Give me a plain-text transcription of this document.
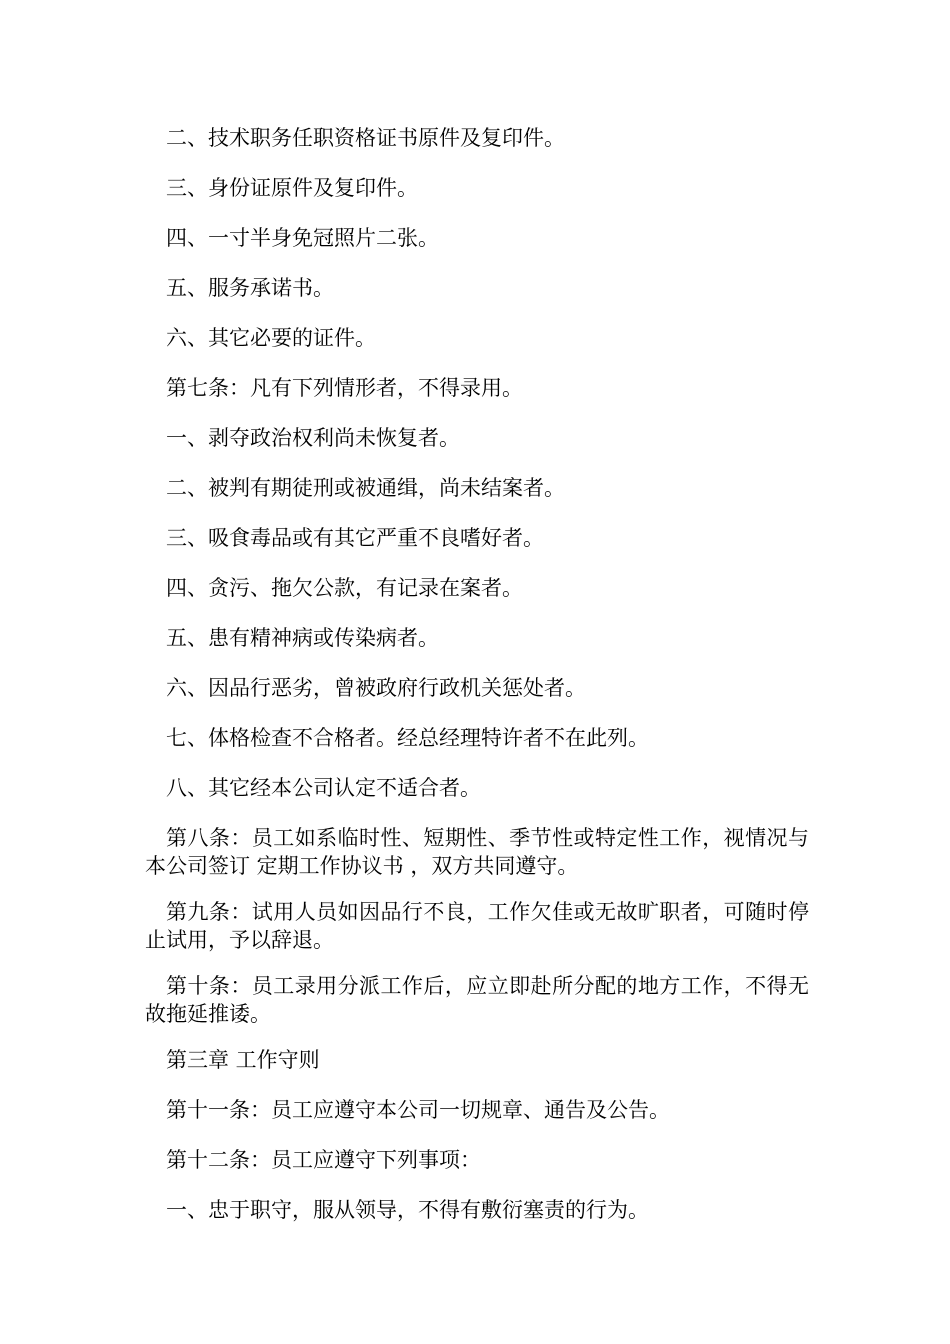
二、技术职务任职资格证书原件及复印件。

三、身份证原件及复印件。

四、一寸半身免冠照片二张。

五、服务承诺书。

六、其它必要的证件。

第七条：凡有下列情形者，不得录用。

一、剥夺政治权利尚未恢复者。

二、被判有期徒刑或被通缉，尚未结案者。

三、吸食毒品或有其它严重不良嗜好者。

四、贪污、拖欠公款，有记录在案者。

五、患有精神病或传染病者。

六、因品行恶劣，曾被政府行政机关惩处者。

七、体格检查不合格者。经总经理特许者不在此列。

八、其它经本公司认定不适合者。

第八条：员工如系临时性、短期性、季节性或特定性工作，视情况与本公司签订 定期工作协议书 ，双方共同遵守。

第九条：试用人员如因品行不良，工作欠佳或无故旷职者，可随时停止试用，予以辞退。

第十条：员工录用分派工作后，应立即赴所分配的地方工作，不得无故拖延推诿。

第三章 工作守则

第十一条：员工应遵守本公司一切规章、通告及公告。

第十二条：员工应遵守下列事项：

一、忠于职守，服从领导，不得有敷衍塞责的行为。
